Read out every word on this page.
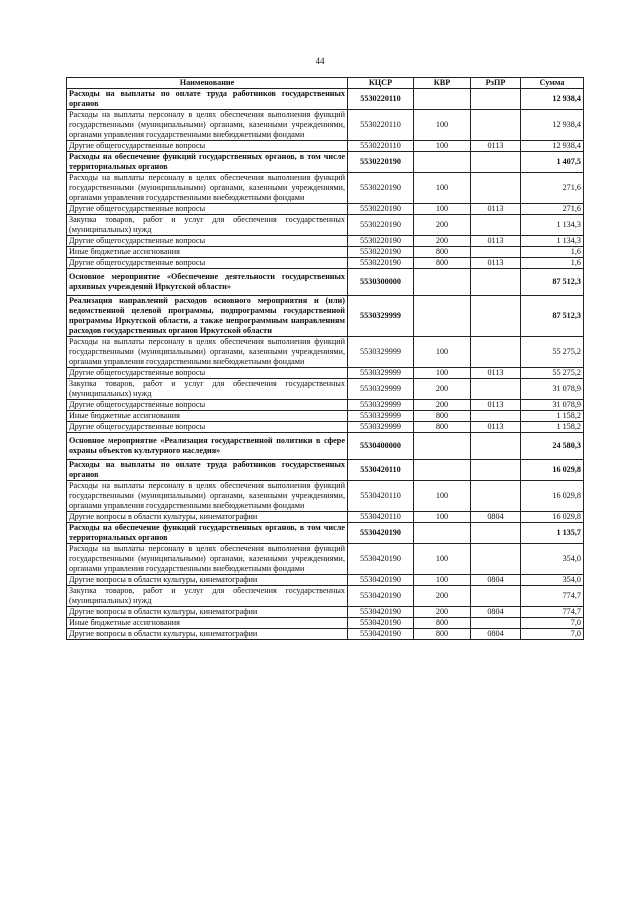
44
Наименование	КЦСР	КВР	РзПР	Сумма
Расходы на выплаты по оплате труда работников государственных органов	5530220110			12 938,4
Расходы на выплаты персоналу в целях обеспечения выполнения функций государственными (муниципальными) органами, казенными учреждениями, органами управления государственными внебюджетными фондами	5530220110	100		12 938,4
Другие общегосударственные вопросы	5530220110	100	0113	12 938,4
Расходы на обеспечение функций государственных органов, в том числе территориальных органов	5530220190			1 407,5
Расходы на выплаты персоналу в целях обеспечения выполнения функций государственными (муниципальными) органами, казенными учреждениями, органами управления государственными внебюджетными фондами	5530220190	100		271,6
Другие общегосударственные вопросы	5530220190	100	0113	271,6
Закупка товаров, работ и услуг для обеспечения государственных (муниципальных) нужд	5530220190	200		1 134,3
Другие общегосударственные вопросы	5530220190	200	0113	1 134,3
Иные бюджетные ассигнования	5530220190	800		1,6
Другие общегосударственные вопросы	5530220190	800	0113	1,6
Основное мероприятие «Обеспечение деятельности государственных архивных учреждений Иркутской области»	5530300000			87 512,3
Реализация направлений расходов основного мероприятия и (или) ведомственной целевой программы, подпрограммы государственной программы Иркутской области, а также непрограммным направлениям расходов государственных органов Иркутской области	5530329999			87 512,3
Расходы на выплаты персоналу в целях обеспечения выполнения функций государственными (муниципальными) органами, казенными учреждениями, органами управления государственными внебюджетными фондами	5530329999	100		55 275,2
Другие общегосударственные вопросы	5530329999	100	0113	55 275,2
Закупка товаров, работ и услуг для обеспечения государственных (муниципальных) нужд	5530329999	200		31 078,9
Другие общегосударственные вопросы	5530329999	200	0113	31 078,9
Иные бюджетные ассигнования	5530329999	800		1 158,2
Другие общегосударственные вопросы	5530329999	800	0113	1 158,2
Основное мероприятие «Реализация государственной политики в сфере охраны объектов культурного наследия»	5530400000			24 580,3
Расходы на выплаты по оплате труда работников государственных органов	5530420110			16 029,8
Расходы на выплаты персоналу в целях обеспечения выполнения функций государственными (муниципальными) органами, казенными учреждениями, органами управления государственными внебюджетными фондами	5530420110	100		16 029,8
Другие вопросы в области культуры, кинематографии	5530420110	100	0804	16 029,8
Расходы на обеспечение функций государственных органов, в том числе территориальных органов	5530420190			1 135,7
Расходы на выплаты персоналу в целях обеспечения выполнения функций государственными (муниципальными) органами, казенными учреждениями, органами управления государственными внебюджетными фондами	5530420190	100		354,0
Другие вопросы в области культуры, кинематографии	5530420190	100	0804	354,0
Закупка товаров, работ и услуг для обеспечения государственных (муниципальных) нужд	5530420190	200		774,7
Другие вопросы в области культуры, кинематографии	5530420190	200	0804	774,7
Иные бюджетные ассигнования	5530420190	800		7,0
Другие вопросы в области культуры, кинематографии	5530420190	800	0804	7,0
